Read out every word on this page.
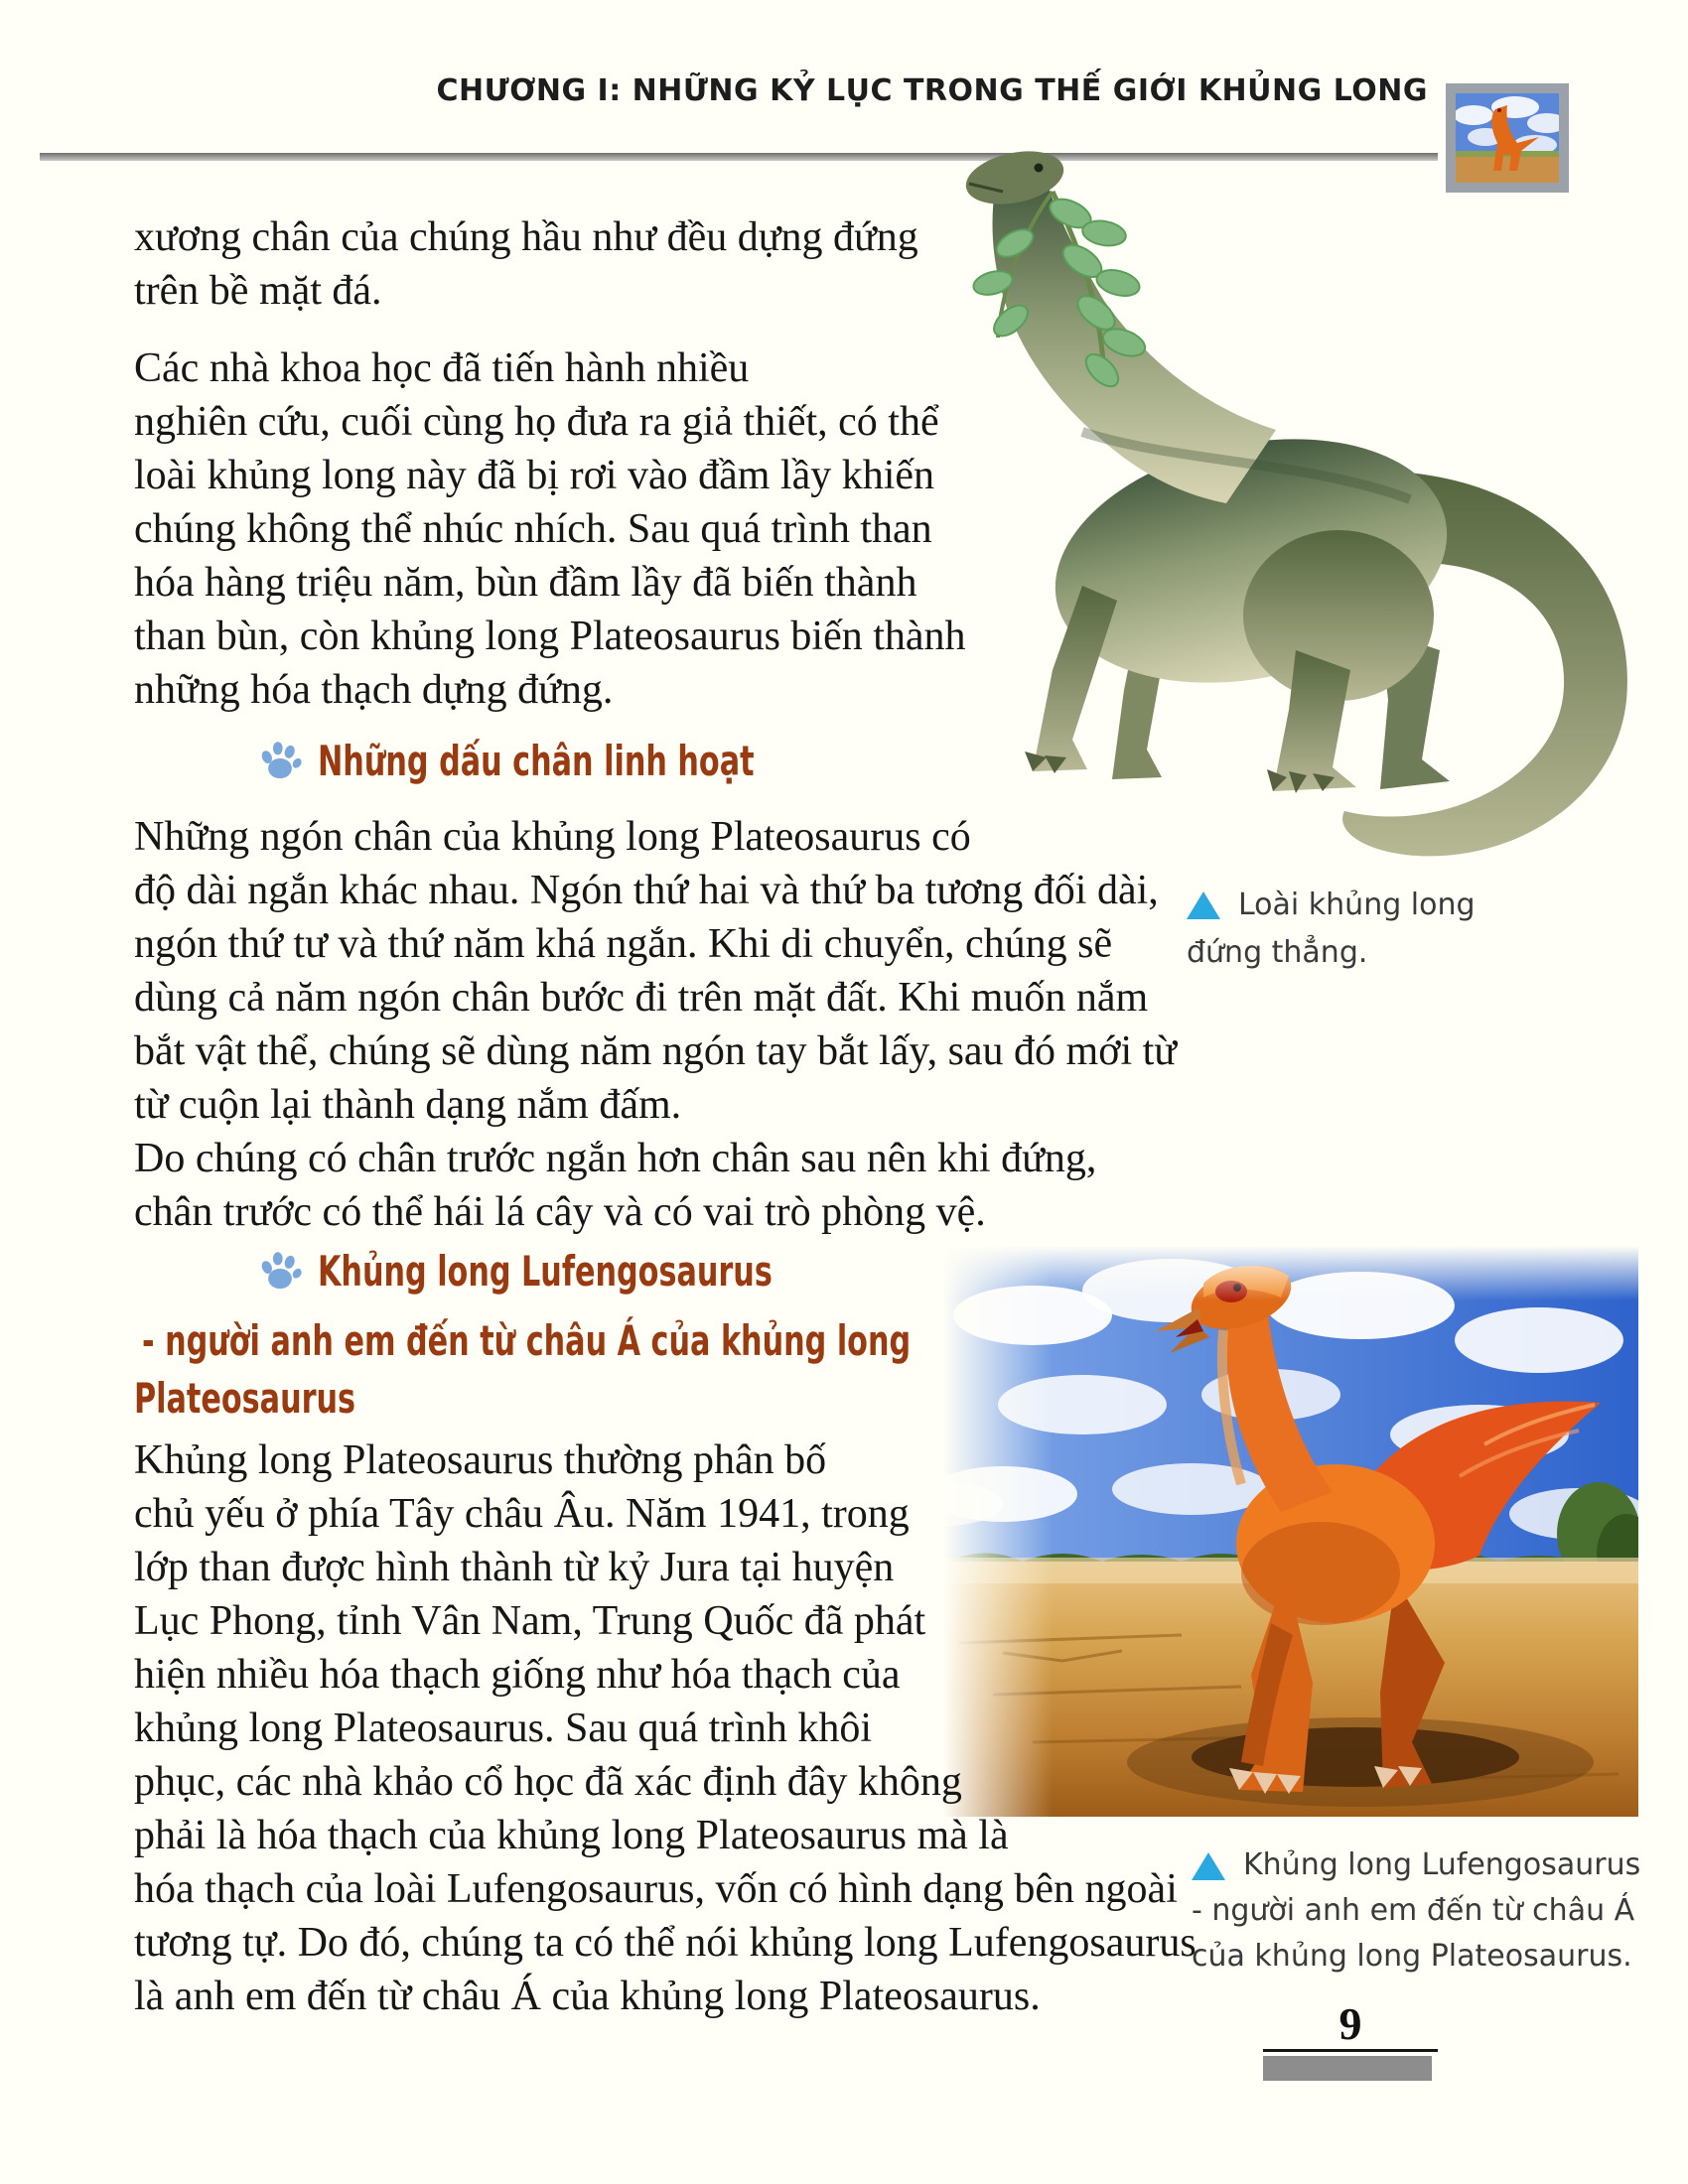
CHƯƠNG I: NHỮNG KỶ LỤC TRONG THẾ GIỚI KHỦNG LONG
xương chân của chúng hầu như đều dựng đứng
trên bề mặt đá.
Các nhà khoa học đã tiến hành nhiều
nghiên cứu, cuối cùng họ đưa ra giả thiết, có thể
loài khủng long này đã bị rơi vào đầm lầy khiến
chúng không thể nhúc nhích. Sau quá trình than
hóa hàng triệu năm, bùn đầm lầy đã biến thành
than bùn, còn khủng long Plateosaurus biến thành
những hóa thạch dựng đứng.
Những dấu chân linh hoạt
Những ngón chân của khủng long Plateosaurus có
độ dài ngắn khác nhau. Ngón thứ hai và thứ ba tương đối dài,
ngón thứ tư và thứ năm khá ngắn. Khi di chuyển, chúng sẽ
dùng cả năm ngón chân bước đi trên mặt đất. Khi muốn nắm
bắt vật thể, chúng sẽ dùng năm ngón tay bắt lấy, sau đó mới từ
từ cuộn lại thành dạng nắm đấm.
Do chúng có chân trước ngắn hơn chân sau nên khi đứng,
chân trước có thể hái lá cây và có vai trò phòng vệ.
Khủng long Lufengosaurus
- người anh em đến từ châu Á của khủng long
Plateosaurus
Khủng long Plateosaurus thường phân bố
chủ yếu ở phía Tây châu Âu. Năm 1941, trong
lớp than được hình thành từ kỷ Jura tại huyện
Lục Phong, tỉnh Vân Nam, Trung Quốc đã phát
hiện nhiều hóa thạch giống như hóa thạch của
khủng long Plateosaurus. Sau quá trình khôi
phục, các nhà khảo cổ học đã xác định đây không
phải là hóa thạch của khủng long Plateosaurus mà là
hóa thạch của loài Lufengosaurus, vốn có hình dạng bên ngoài
tương tự. Do đó, chúng ta có thể nói khủng long Lufengosaurus
là anh em đến từ châu Á của khủng long Plateosaurus.
Loài khủng long
đứng thẳng.
Khủng long Lufengosaurus
- người anh em đến từ châu Á
của khủng long Plateosaurus.
9
